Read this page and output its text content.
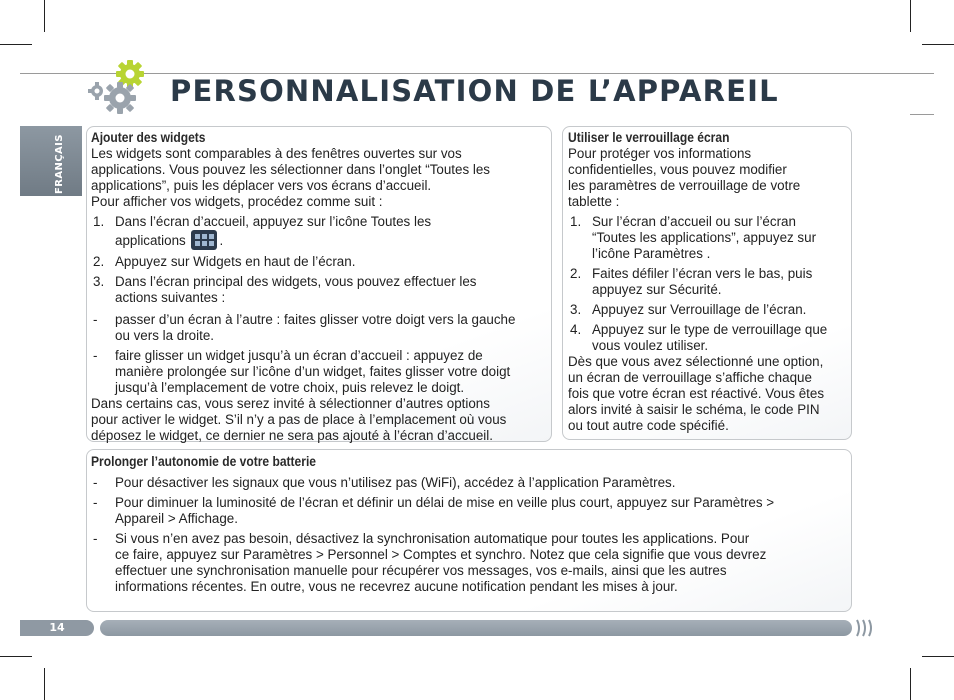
PERSONNALISATION DE L’APPAREIL
FRANÇAIS Ajouter des widgets
Les widgets sont comparables à des fenêtres ouvertes sur vos
applications. Vous pouvez les sélectionner dans l’onglet “Toutes les
applications”, puis les déplacer vers vos écrans d’accueil.
Pour afficher vos widgets, procédez comme suit :
1. Dans l’écran d’accueil, appuyez sur l’icône Toutes les
applications	.
2. Appuyez sur Widgets en haut de l’écran.
3. Dans l’écran principal des widgets, vous pouvez effectuer les
actions suivantes :
- passer d’un écran à l’autre : faites glisser votre doigt vers la gauche
ou vers la droite.
- faire glisser un widget jusqu’à un écran d’accueil : appuyez de
manière prolongée sur l’icône d’un widget, faites glisser votre doigt
jusqu’à l’emplacement de votre choix, puis relevez le doigt.
Dans certains cas, vous serez invité à sélectionner d’autres options
pour activer le widget. S’il n’y a pas de place à l’emplacement où vous
déposez le widget, ce dernier ne sera pas ajouté à l’écran d’accueil.
Utiliser le verrouillage écran
Pour protéger vos informations
confidentielles, vous pouvez modifier
les paramètres de verrouillage de votre
tablette :
1. Sur l’écran d’accueil ou sur l’écran
“Toutes les applications”, appuyez sur
l’icône Paramètres .
2. Faites défiler l’écran vers le bas, puis
appuyez sur Sécurité.
3. Appuyez sur Verrouillage de l’écran.
4. Appuyez sur le type de verrouillage que
vous voulez utiliser.
Dès que vous avez sélectionné une option,
un écran de verrouillage s’affiche chaque
fois que votre écran est réactivé. Vous êtes
alors invité à saisir le schéma, le code PIN
ou tout autre code spécifié.
Prolonger l’autonomie de votre batterie
- Pour désactiver les signaux que vous n’utilisez pas (WiFi), accédez à l’application Paramètres.
- Pour diminuer la luminosité de l’écran et définir un délai de mise en veille plus court, appuyez sur Paramètres >
Appareil > Affichage.
- Si vous n’en avez pas besoin, désactivez la synchronisation automatique pour toutes les applications. Pour
ce faire, appuyez sur Paramètres > Personnel > Comptes et synchro. Notez que cela signifie que vous devrez
effectuer une synchronisation manuelle pour récupérer vos messages, vos e-mails, ainsi que les autres
informations récentes. En outre, vous ne recevrez aucune notification pendant les mises à jour.
14
